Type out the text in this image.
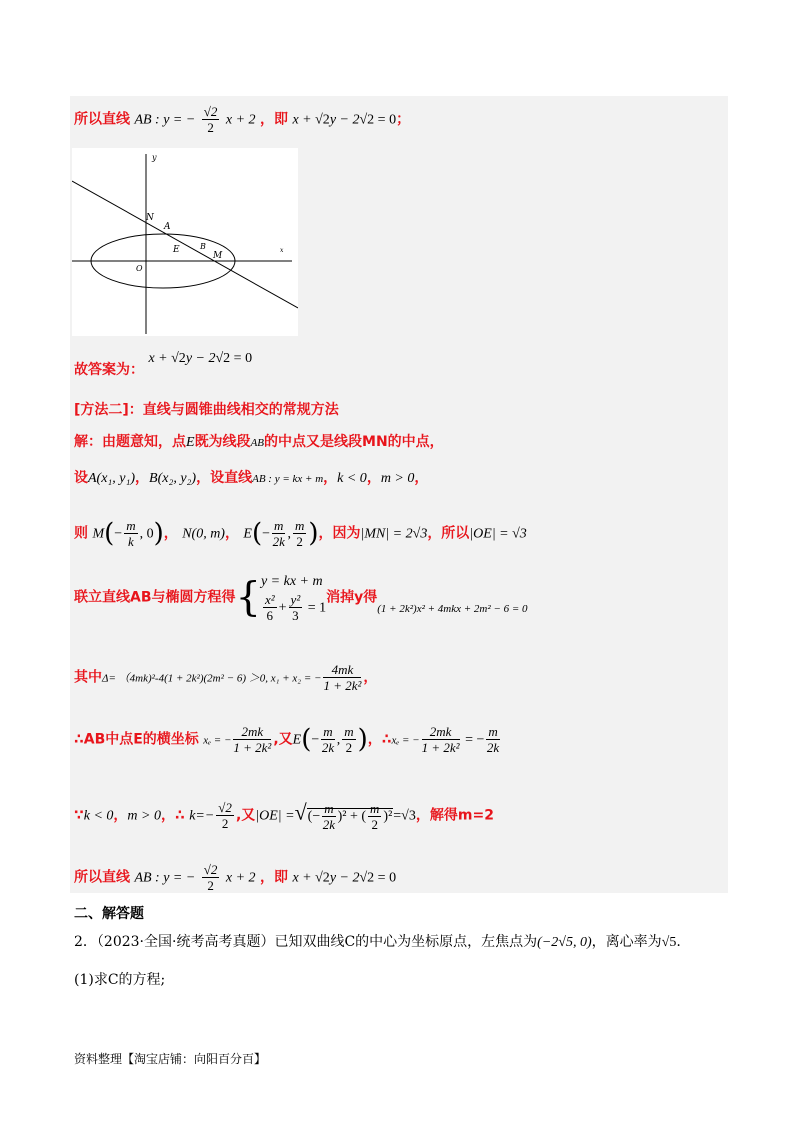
所以直线 AB : y = − $\frac{√2}{2}$ x + 2 ，即 x + √2y − 2√2 = 0；
y
x
N
A
E	B
M
O
故答案为： x + √2y − 2√2 = 0
[方法二]：直线与圆锥曲线相交的常规方法
解：由题意知，点E既为线段AB的中点又是线段MN的中点，
设A(x₁, y₁)，B(x₂, y₂)，设直线AB : y = kx + m，k < 0，m > 0，
则 $M(- \frac{m}{k}$ , 0)， N(0, m)， $E(- \frac{m}{2k}$ , $\frac{m}{2}$ )，因为|MN| = 2√3，所以|OE| = √3
联立直线AB与椭圆方程得{ y = kx + m
$\frac{\text{x²}}{6} + \frac{\text{y²}}{3} = 1$
消掉y得$_{(1 + 2k^2)x^2 + 4mkx + 2m^2 - 6 = 0}$
其中Δ= （4mk)²-4(1 + 2k²)(2m² − 6) ＞0, x₁ + x₂ = − $\frac{4mk}{\text{1 + 2k²}}$ ，
∴AB中点E的横坐标 xₑ = − $\frac{2mk}{\text{1 + 2k²}}$ ,又$E(- \frac{m}{2k}$ , $\frac{m}{2}$ )，∴xₑ = − $\frac{2mk}{\text{1 + 2k²}}$ = − $\frac{m}{2k}$
∵k < 0，m > 0，∴ $k=- \frac{√2}{2}$ ,又|OE| =√(− $\frac{m}{2k} )^2$ + ( $\frac{m}{2} )^2=√3$，解得m=2
所以直线 AB : y = − $\frac{√2}{2}$ x + 2 ，即 x + √2y − 2√2 = 0
二、解答题
2．（2023·全国·统考高考真题）已知双曲线C的中心为坐标原点，左焦点为(−2√5, 0)，离心率为√5.
(1)求C的方程;
资料整理【淘宝店铺：向阳百分百】
